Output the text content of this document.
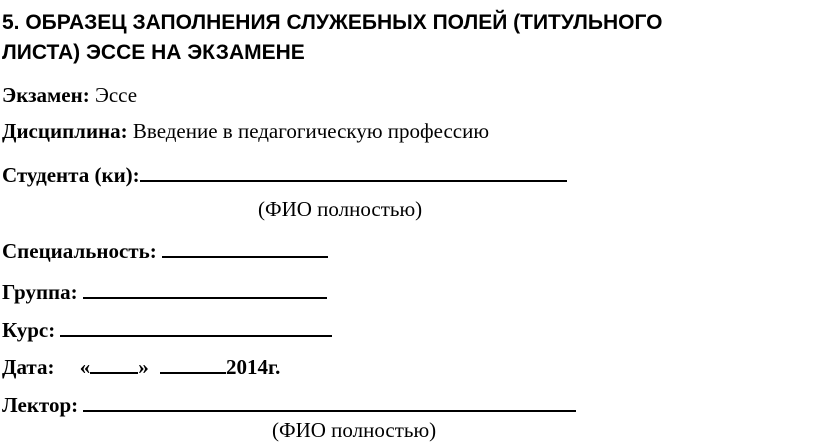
5. ОБРАЗЕЦ ЗАПОЛНЕНИЯ СЛУЖЕБНЫХ ПОЛЕЙ (ТИТУЛЬНОГО
ЛИСТА) ЭССЕ НА ЭКЗАМЕНЕ
Экзамен: Эссе
Дисциплина: Введение в педагогическую профессию
Студента (ки):
(ФИО полностью)
Специальность:
Группа:
Курс:
Дата: « »	2014г.
Лектор:
(ФИО полностью)
